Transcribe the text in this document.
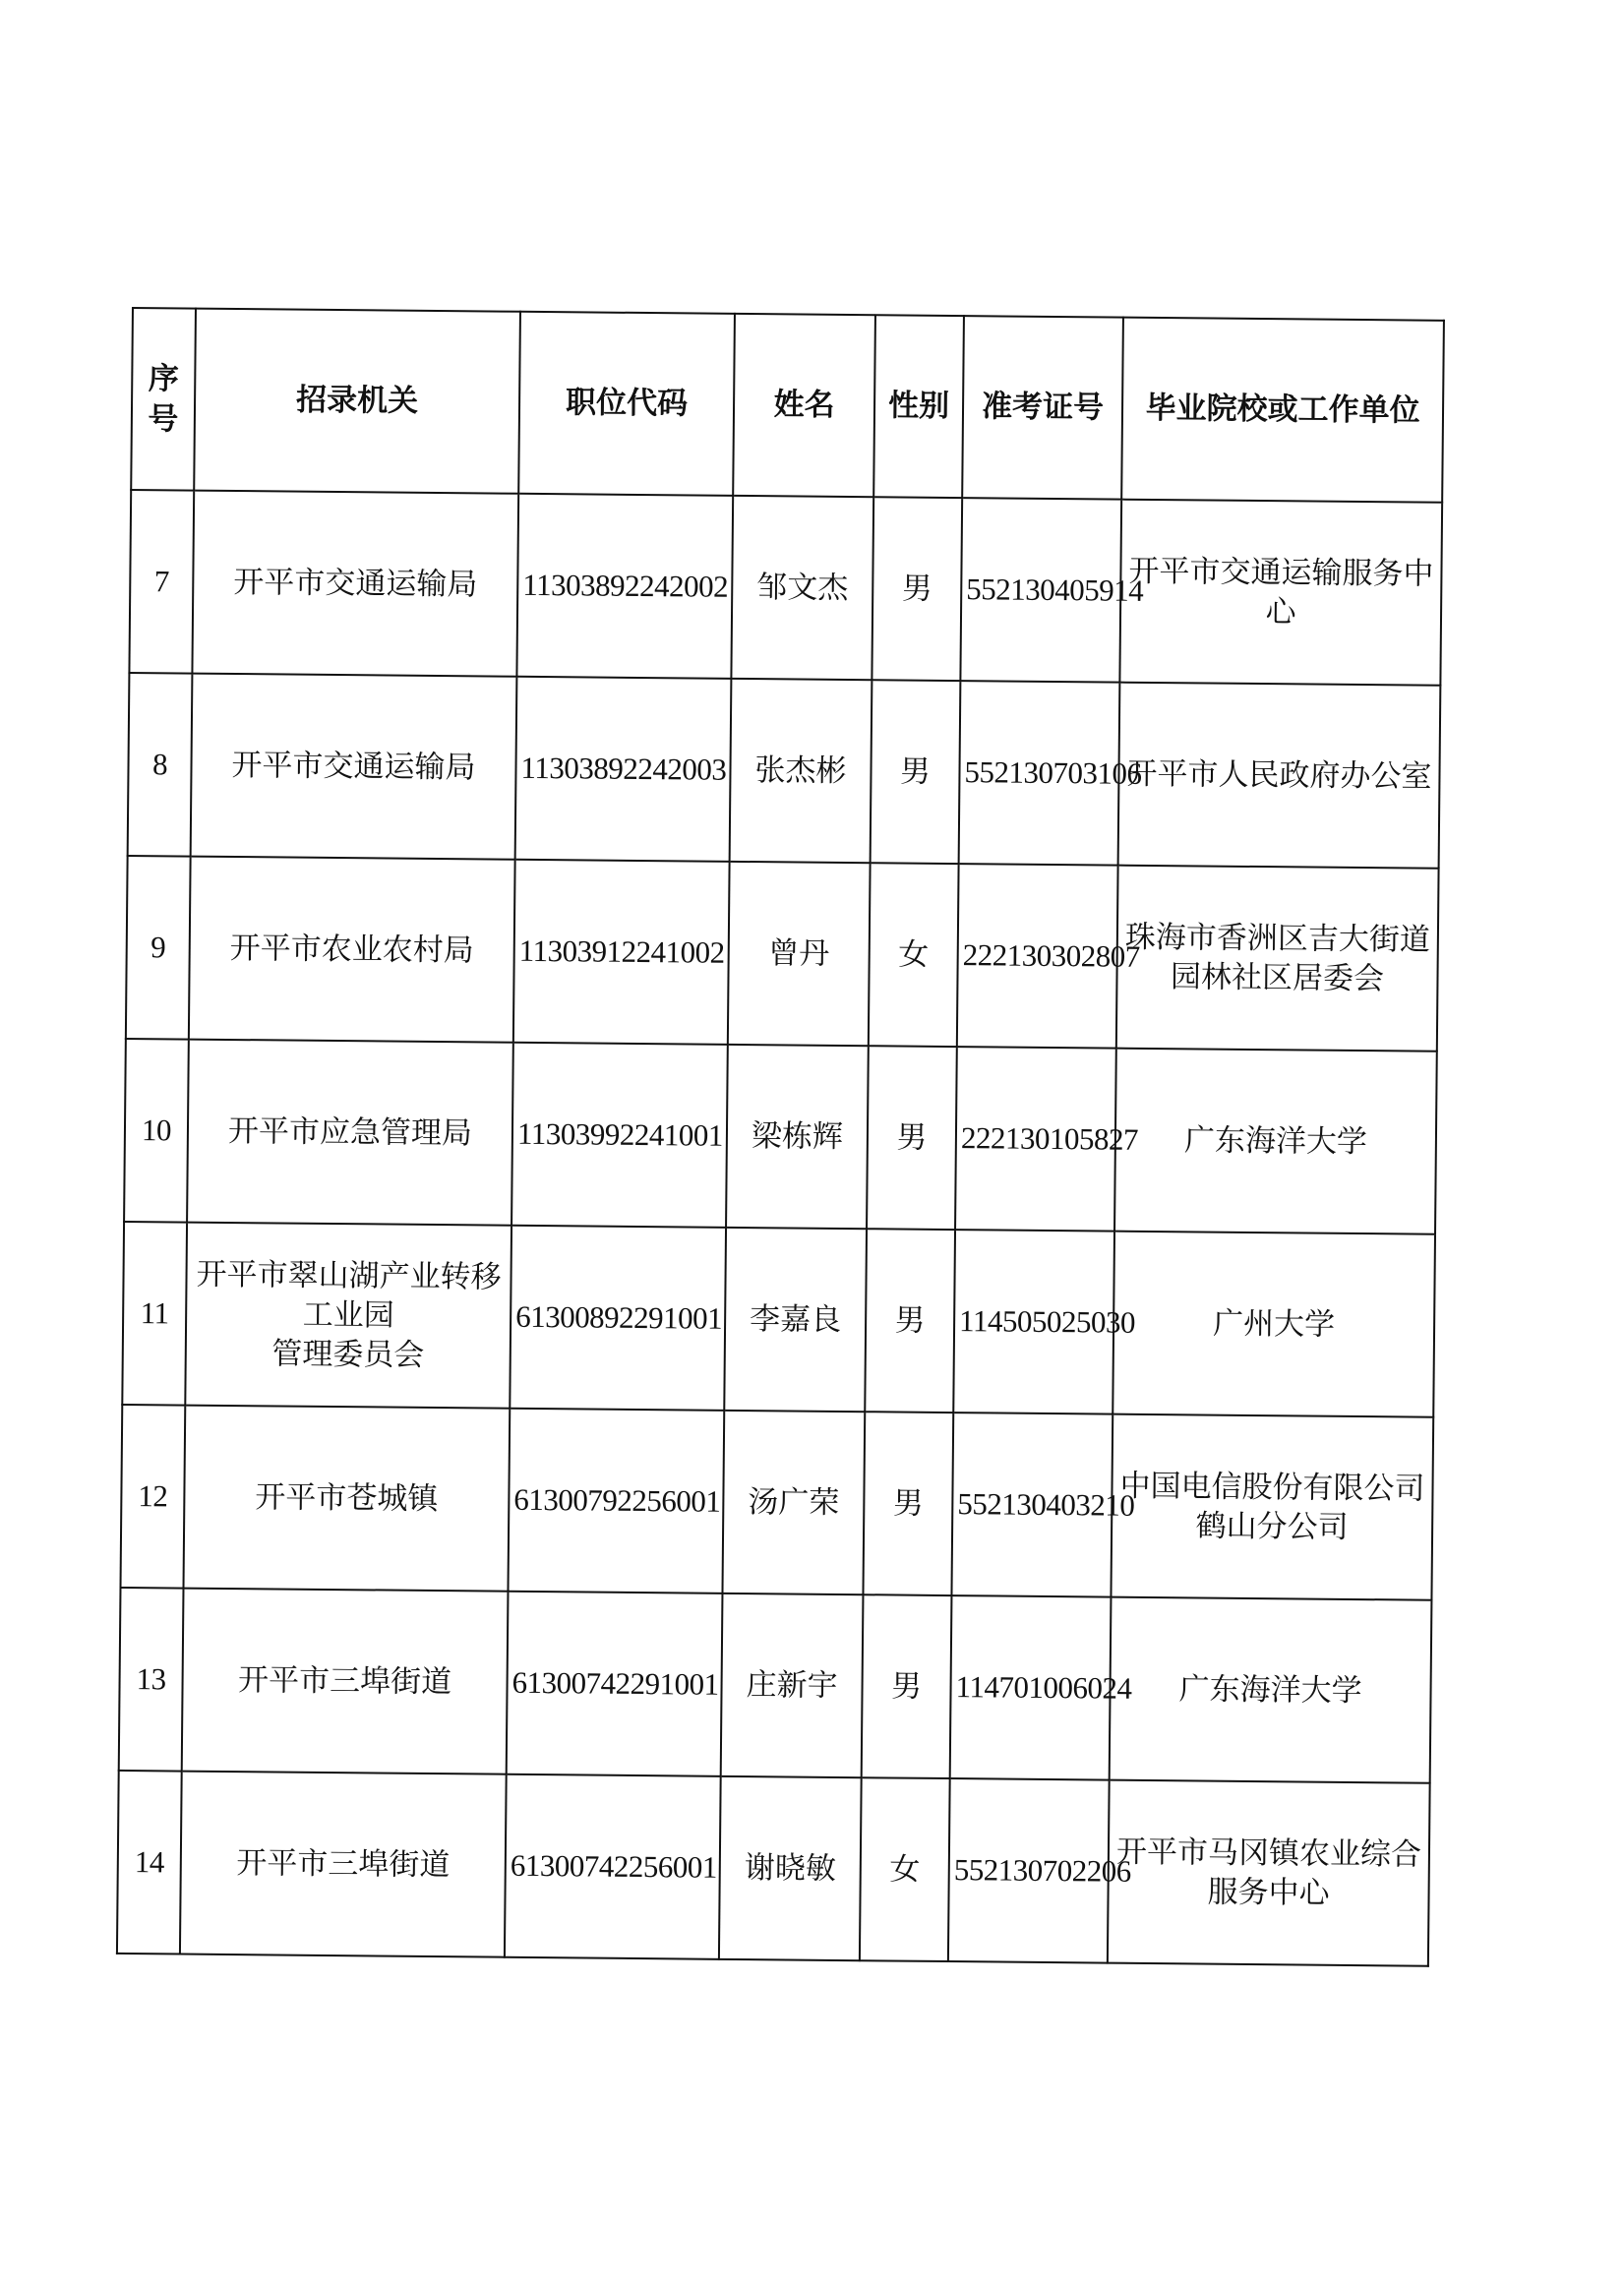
序号	招录机关	职位代码	姓名	性别	准考证号	毕业院校或工作单位
7	开平市交通运输局	11303892242002	邹文杰	男	552130405914	开平市交通运输服务中心

8	开平市交通运输局	11303892242003	张杰彬	男	552130703106	开平市人民政府办公室

9	开平市农业农村局	11303912241002	曾丹	女	222130302807	珠海市香洲区吉大街道
园林社区居委会

10	开平市应急管理局	11303992241001	梁栋辉	男	222130105827	广东海洋大学

11	开平市翠山湖产业转移工业园
管理委员会	61300892291001	李嘉良	男	114505025030	广州大学

12	开平市苍城镇	61300792256001	汤广荣	男	552130403210	中国电信股份有限公司
鹤山分公司

13	开平市三埠街道	61300742291001	庄新宇	男	114701006024	广东海洋大学

14	开平市三埠街道	61300742256001	谢晓敏	女	552130702206	开平市马冈镇农业综合服务中心
